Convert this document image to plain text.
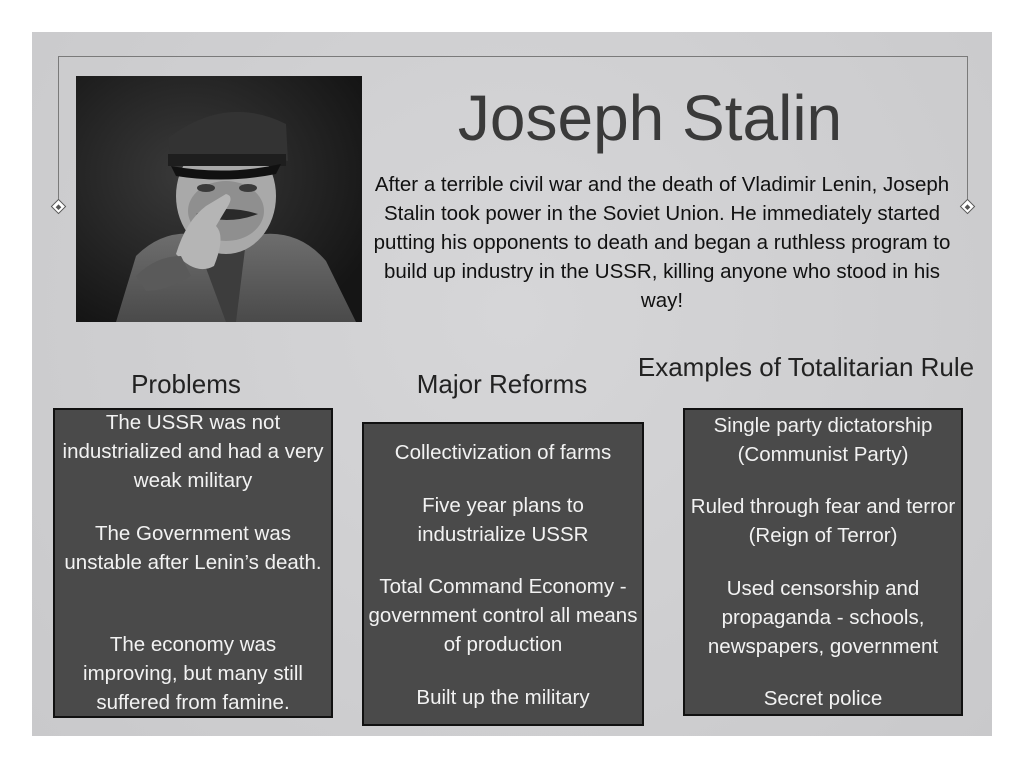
Joseph Stalin
After a terrible civil war and the death of Vladimir Lenin, Joseph Stalin took power in the Soviet Union. He immediately started putting his opponents to death and began a ruthless program to build up industry in the USSR, killing anyone who stood in his way!
Problems	Major Reforms
Examples of Totalitarian Rule
The USSR was not industrialized and had a very weak military
The Government was unstable after Lenin’s death.
The economy was improving, but many still suffered from famine.
Collectivization of farms
Five year plans to industrialize USSR
Total Command Economy - government control all means of production
Built up the military
Single party dictatorship (Communist Party)
Ruled through fear and terror (Reign of Terror)
Used censorship and propaganda - schools, newspapers, government
Secret police
